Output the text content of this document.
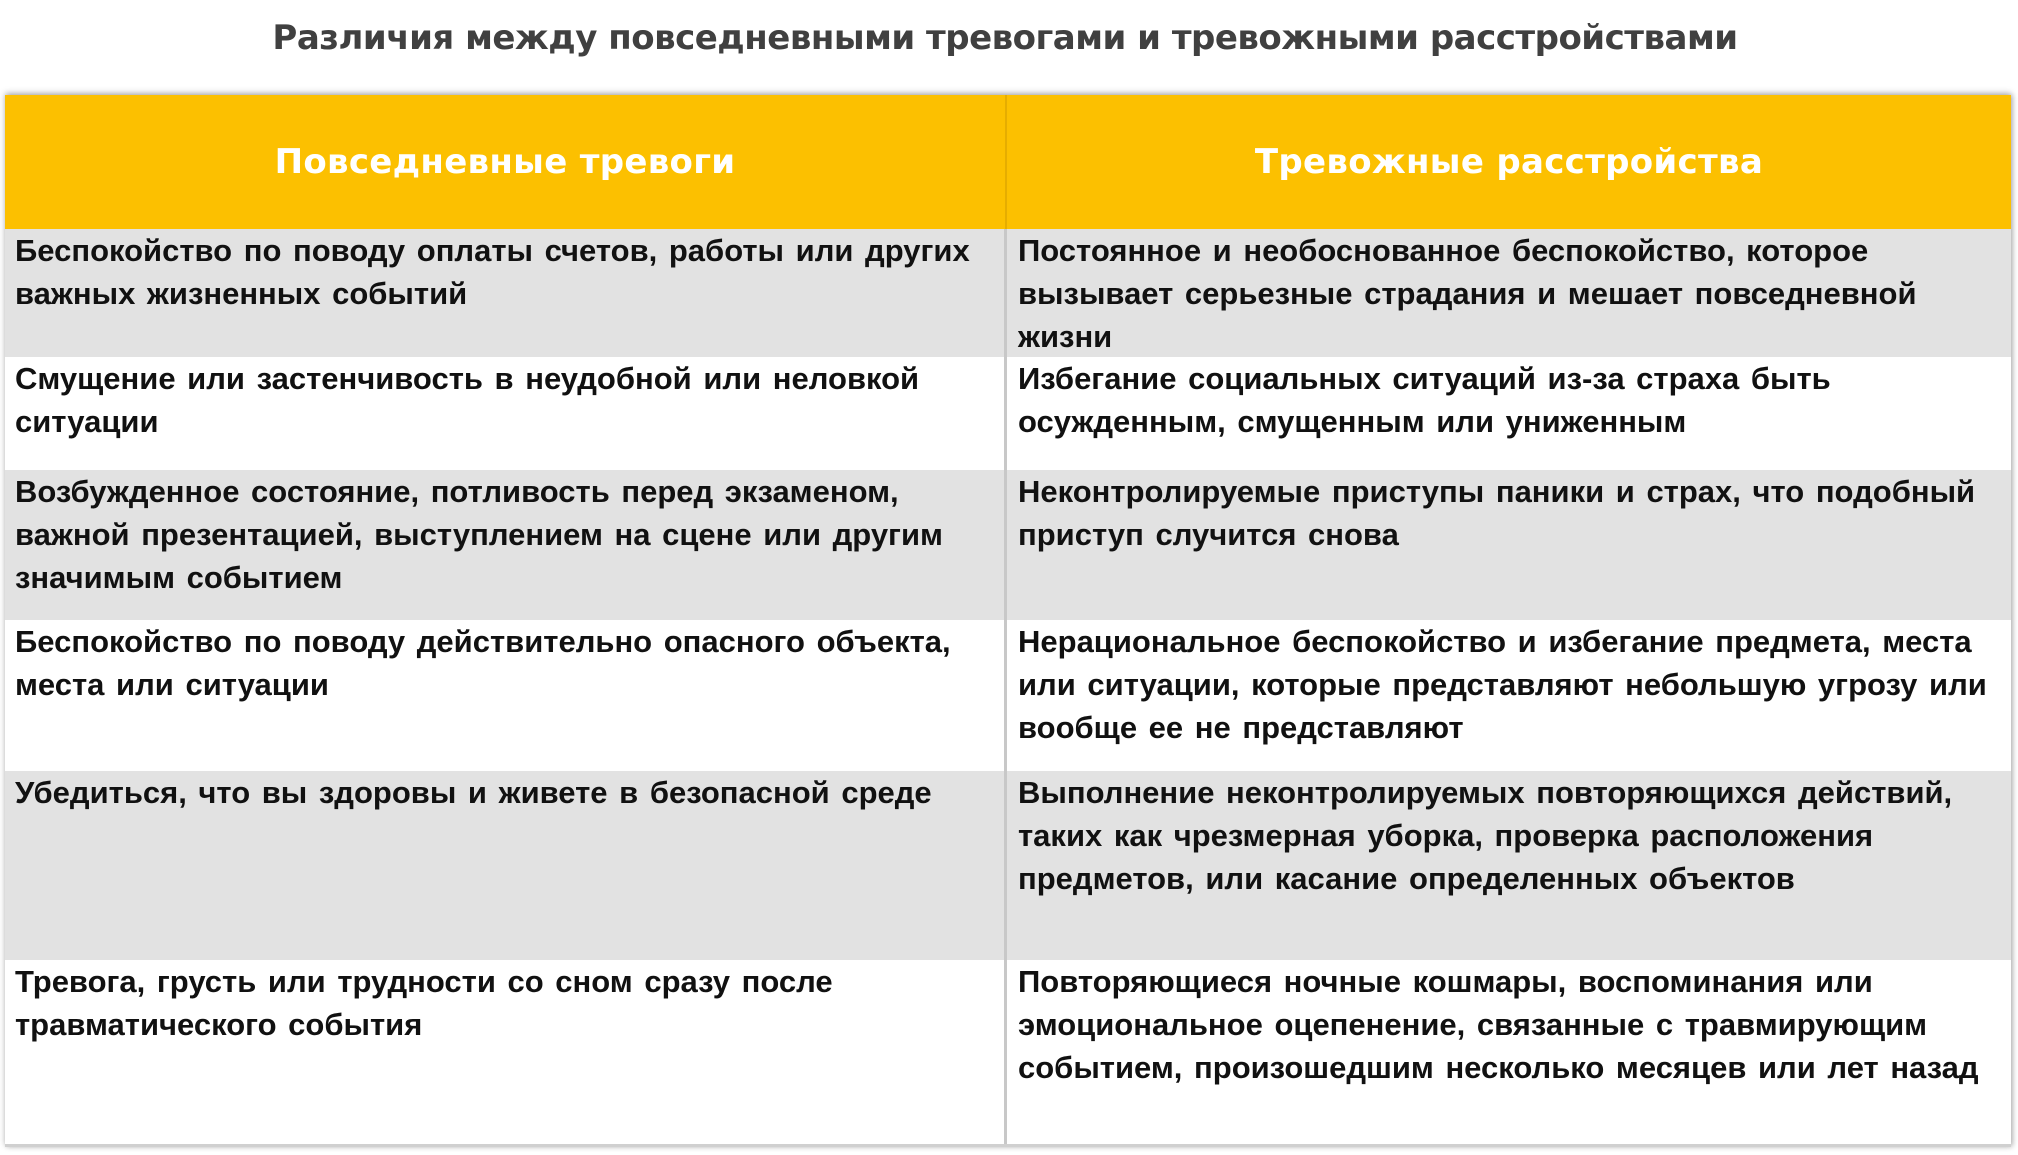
Различия между повседневными тревогами и тревожными расстройствами
Повседневные тревоги	Тревожные расстройства
Беспокойство по поводу оплаты счетов, работы или других важных жизненных событий
Постоянное и необоснованное беспокойство, которое вызывает серьезные страдания и мешает повседневной жизни
Смущение или застенчивость в неудобной или неловкой ситуации
Избегание социальных ситуаций из-за страха быть осужденным, смущенным или униженным
Возбужденное состояние, потливость перед экзаменом, важной презентацией, выступлением на сцене или другим значимым событием
Неконтролируемые приступы паники и страх, что подобный приступ случится снова
Беспокойство по поводу действительно опасного объекта, места или ситуации
Нерациональное беспокойство и избегание предмета, места или ситуации, которые представляют небольшую угрозу или вообще ее не представляют
Убедиться, что вы здоровы и живете в безопасной среде	Выполнение неконтролируемых повторяющихся действий, таких как чрезмерная уборка, проверка расположения предметов, или касание определенных объектов
Тревога, грусть или трудности со сном сразу после травматического события
Повторяющиеся ночные кошмары, воспоминания или эмоциональное оцепенение, связанные с травмирующим событием, произошедшим несколько месяцев или лет назад
